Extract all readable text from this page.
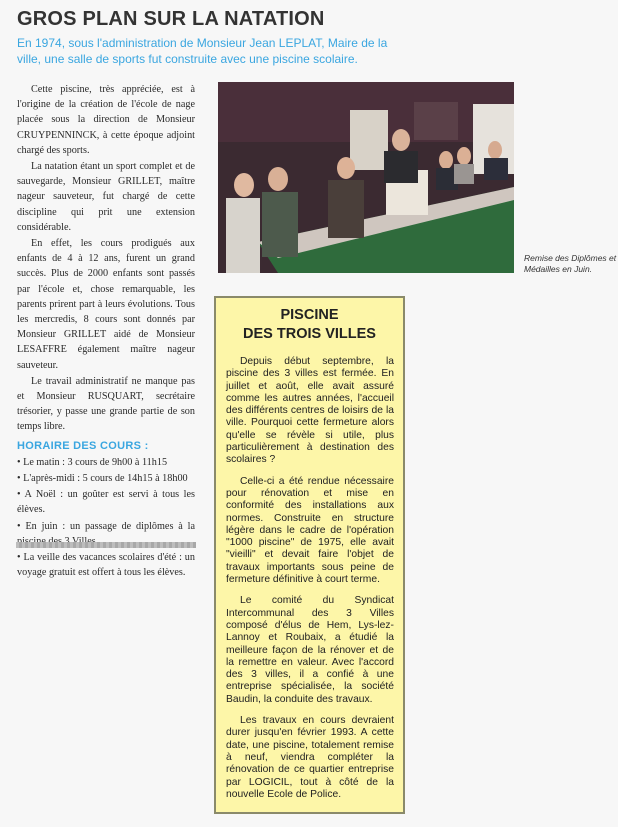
GROS PLAN SUR LA NATATION
En 1974, sous l'administration de Monsieur Jean LEPLAT, Maire de la ville, une salle de sports fut construite avec une piscine scolaire.

Cette piscine, très appréciée, est à l'origine de la création de l'école de nage placée sous la direction de Monsieur CRUYPENNINCK, à cette époque adjoint chargé des sports.

La natation étant un sport complet et de sauvegarde, Monsieur GRILLET, maître nageur sauveteur, fut chargé de cette discipline qui prit une extension considérable.

En effet, les cours prodigués aux enfants de 4 à 12 ans, furent un grand succès. Plus de 2000 enfants sont passés par l'école et, chose remarquable, les parents prirent part à leurs évolutions. Tous les mercredis, 8 cours sont donnés par Monsieur GRILLET aidé de Monsieur LESAFFRE également maître nageur sauveteur.

Le travail administratif ne manque pas et Monsieur RUSQUART, secrétaire trésorier, y passe une grande partie de son temps libre.

HORAIRE DES COURS :
• Le matin : 3 cours de 9h00 à 11h15
• L'après-midi : 5 cours de 14h15 à 18h00
• A Noël : un goûter est servi à tous les élèves.
• En juin : un passage de diplômes à la
• La veille des vacances scolaires d'été : un voyage gratuit est offert à tous les élèves.
Remise des Diplômes et Médailles en Juin.
PISCINE
DES TROIS VILLES

Depuis début septembre, la piscine des 3 villes est fermée. En juillet et août, elle avait assuré comme les autres années, l'accueil des différents centres de loisirs de la ville. Pourquoi cette fermeture alors qu'elle se révèle si utile, plus particulièrement à destination des scolaires ?

Celle-ci a été rendue nécessaire pour rénovation et mise en conformité des installations aux normes. Construite en structure légère dans le cadre de l'opération "1000 piscine" de 1975, elle avait "vieilli" et devait faire l'objet de travaux importants sous peine de fermeture définitive à court terme.

Le comité du Syndicat Intercommunal des 3 Villes composé d'élus de Hem, Lys-lez-Lannoy et Roubaix, a étudié la meilleure façon de la rénover et de la remettre en valeur. Avec l'accord des 3 villes, il a confié à une entreprise spécialisée, la société Baudin, la conduite des travaux.

Les travaux en cours devraient durer jusqu'en février 1993. A cette date, une piscine, totalement remise à neuf, viendra compléter la rénovation de ce quartier entreprise par LOGICIL, tout à côté de la nouvelle Ecole de Police.
